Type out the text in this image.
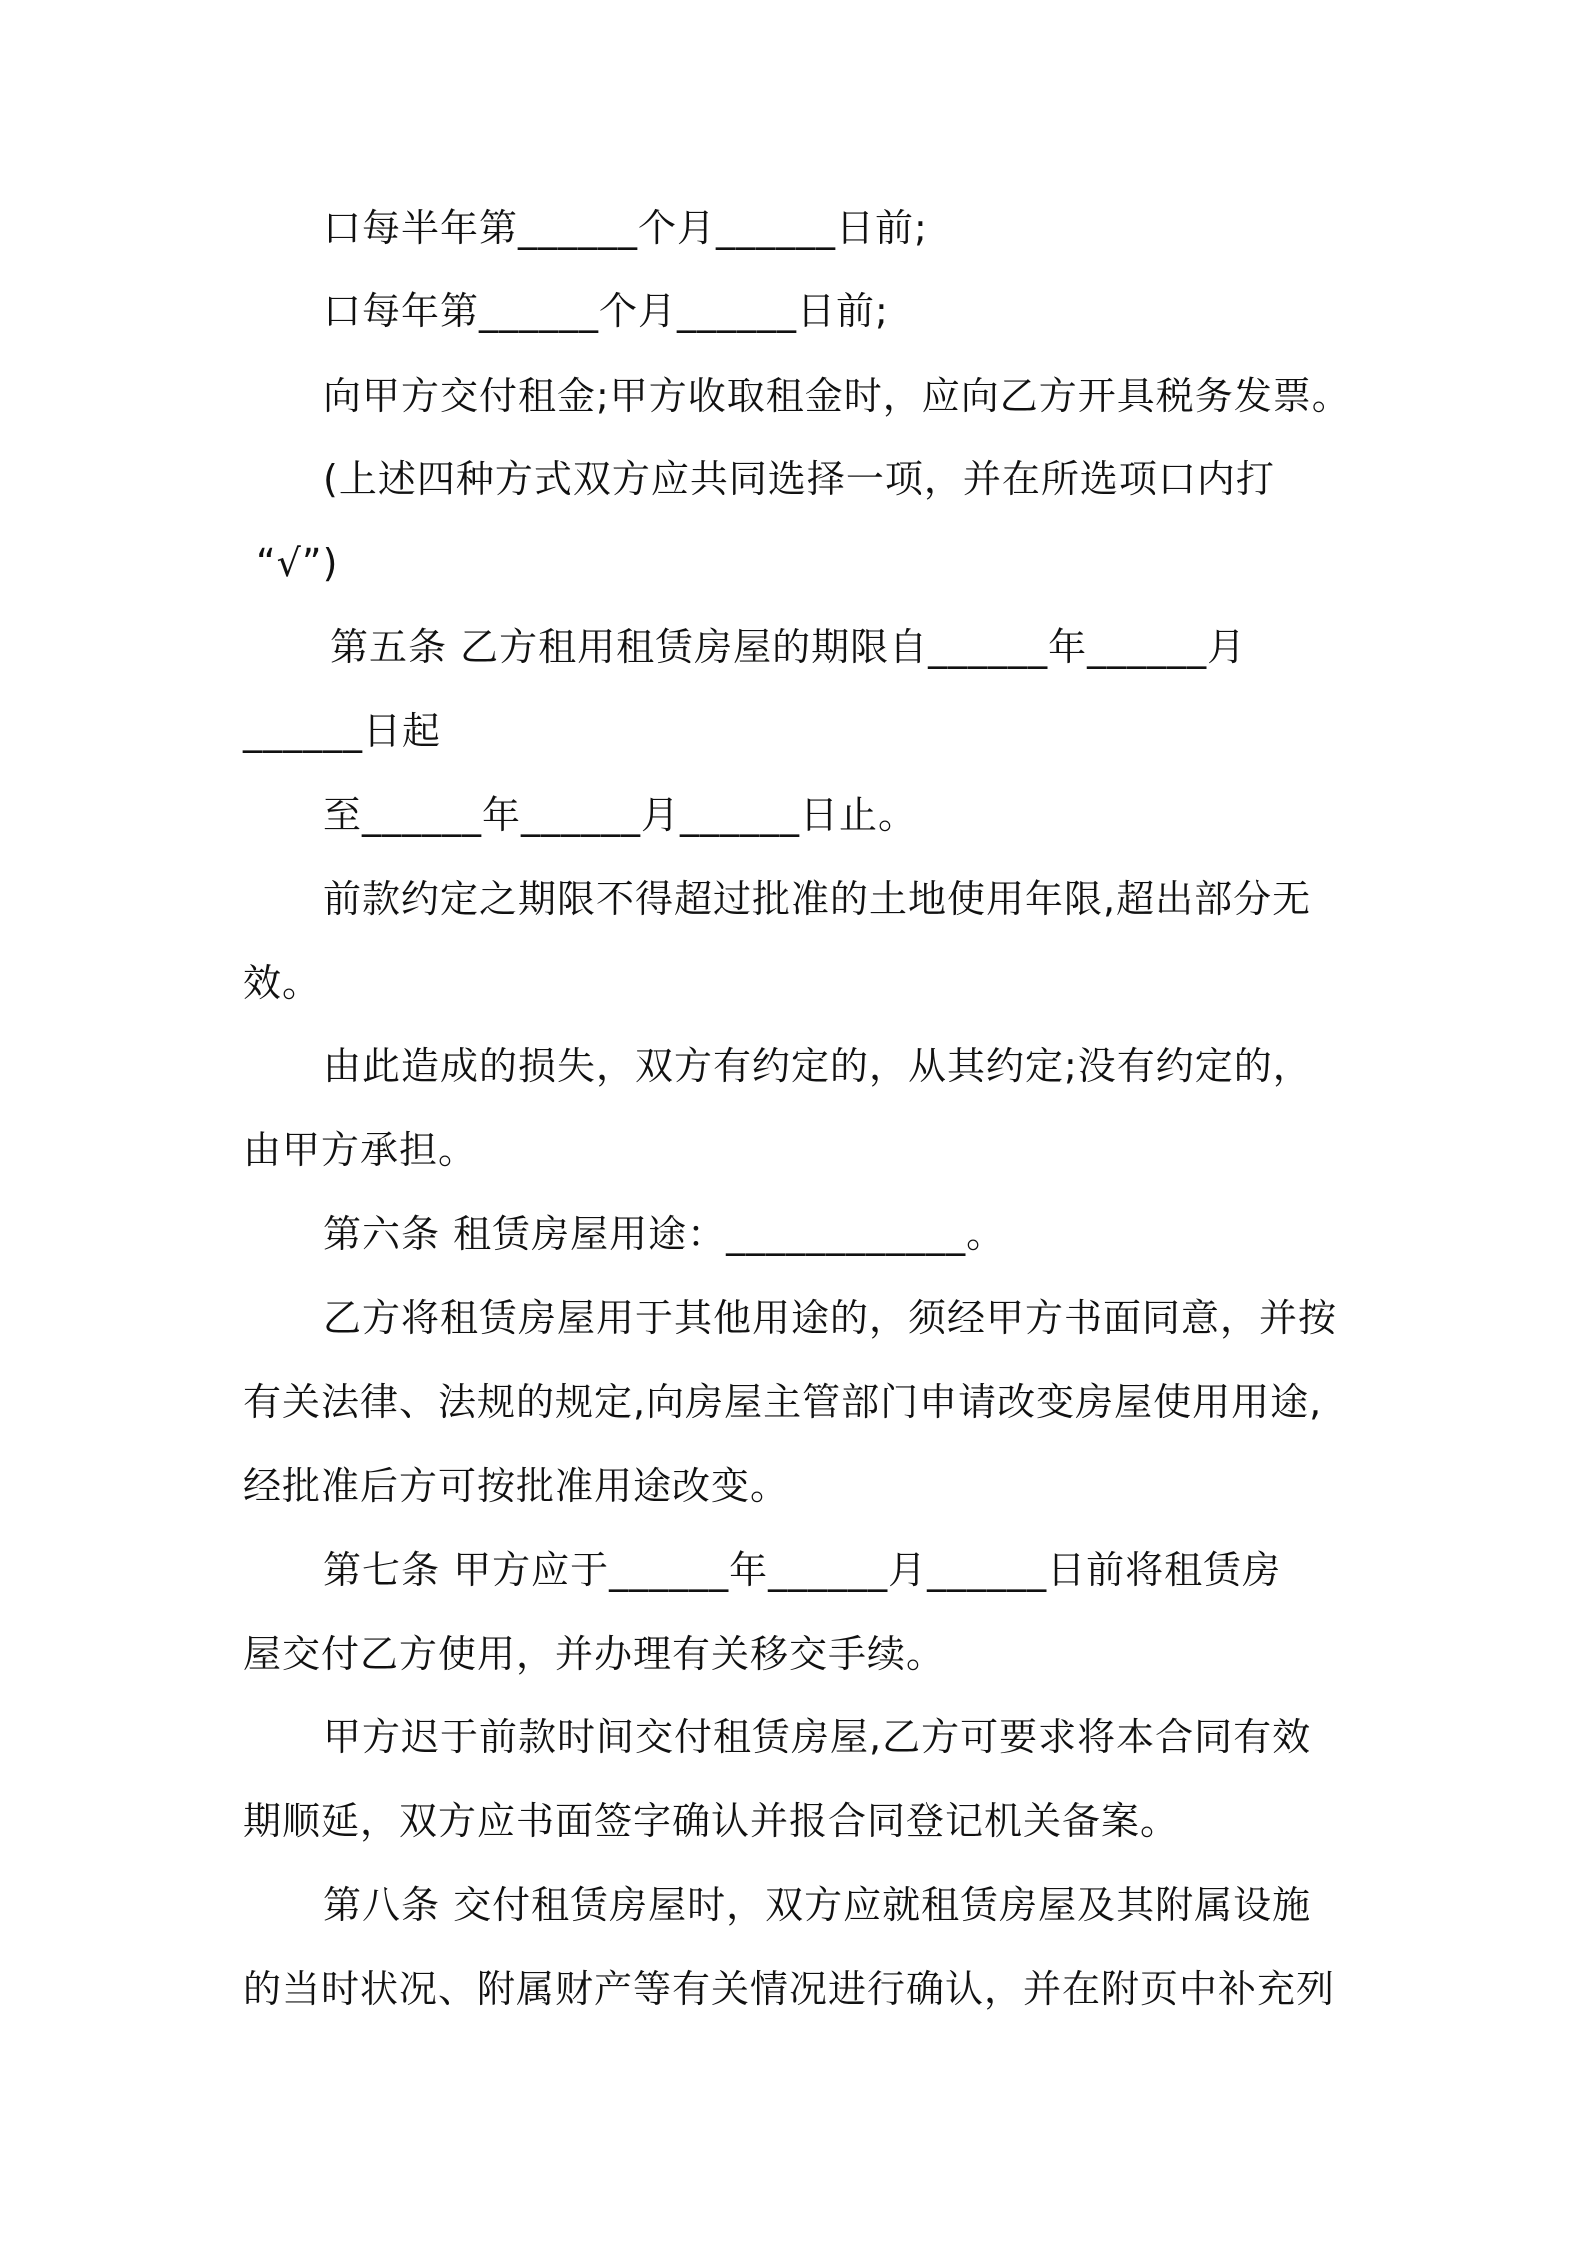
口每半年第______个月______日前;
口每年第______个月______日前;
向甲方交付租金;甲方收取租金时，应向乙方开具税务发票。
(上述四种方式双方应共同选择一项，并在所选项口内打
“√”)
第五条 乙方租用租赁房屋的期限自______年______月
______日起
至______年______月______日止。
前款约定之期限不得超过批准的土地使用年限,超出部分无
效。
由此造成的损失，双方有约定的，从其约定;没有约定的，
由甲方承担。
第六条 租赁房屋用途：____________。
乙方将租赁房屋用于其他用途的，须经甲方书面同意，并按
有关法律、法规的规定,向房屋主管部门申请改变房屋使用用途,
经批准后方可按批准用途改变。
第七条 甲方应于______年______月______日前将租赁房
屋交付乙方使用，并办理有关移交手续。
甲方迟于前款时间交付租赁房屋,乙方可要求将本合同有效
期顺延，双方应书面签字确认并报合同登记机关备案。
第八条 交付租赁房屋时，双方应就租赁房屋及其附属设施
的当时状况、附属财产等有关情况进行确认，并在附页中补充列
